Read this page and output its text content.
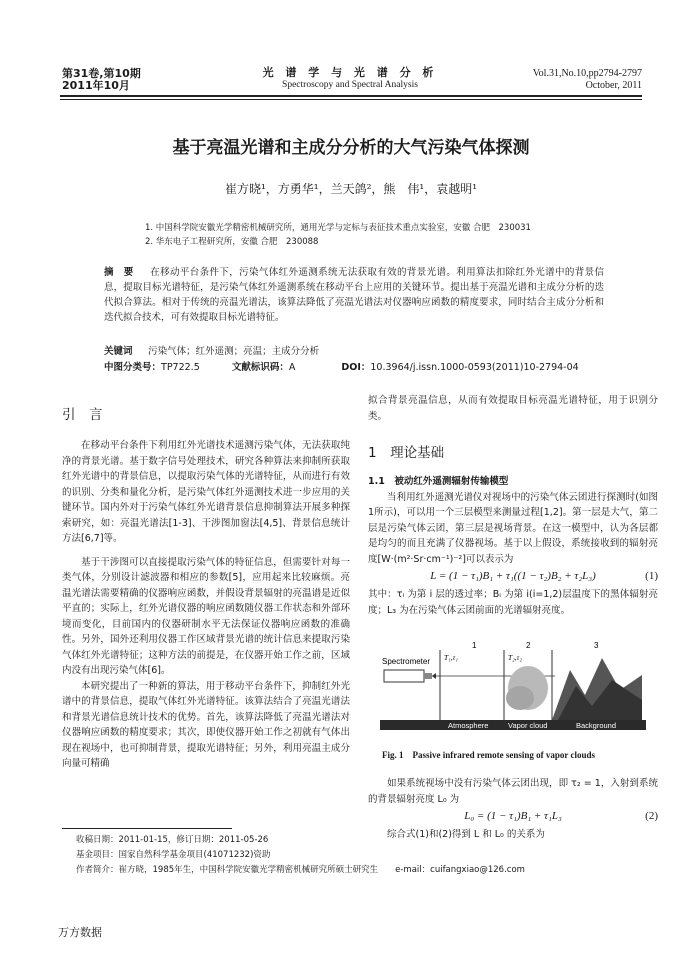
第31卷,第10期
2011年10月
光 谱 学 与 光 谱 分 析
Spectroscopy and Spectral Analysis
Vol.31,No.10,pp2794-2797
October, 2011
基于亮温光谱和主成分分析的大气污染气体探测
崔方晓¹，方勇华¹，兰天鸽²，熊　伟¹，袁越明¹
1. 中国科学院安徽光学精密机械研究所，通用光学与定标与表征技术重点实验室，安徽 合肥　230031
2. 华东电子工程研究所，安徽 合肥　230088
摘　要 　 在移动平台条件下，污染气体红外遥测系统无法获取有效的背景光谱。利用算法扣除红外光谱中的背景信息，提取目标光谱特征，是污染气体红外遥测系统在移动平台上应用的关键环节。提出基于亮温光谱和主成分分析的迭代拟合算法。相对于传统的亮温光谱法，该算法降低了亮温光谱法对仪器响应函数的精度要求，同时结合主成分分析和迭代拟合技术，可有效提取目标光谱特征。
关键词 　 污染气体；红外遥测；亮温；主成分分析
中图分类号：TP722.5	文献标识码：A	DOI：10.3964/j.issn.1000-0593(2011)10-2794-04
引　言

在移动平台条件下利用红外光谱技术遥测污染气体，无法获取纯净的背景光谱。基于数字信号处理技术，研究各种算法来抑制所获取红外光谱中的背景信息，以提取污染气体的光谱特征，从而进行有效的识别、分类和量化分析，是污染气体红外遥测技术进一步应用的关键环节。国内外对于污染气体红外光谱背景信息抑制算法开展多种探索研究，如：亮温光谱法[1-3]、干涉图加窗法[4,5]、背景信息统计方法[6,7]等。

基于干涉图可以直接提取污染气体的特征信息，但需要针对每一类气体，分别设计滤波器和相应的参数[5]，应用起来比较麻烦。亮温光谱法需要精确的仪器响应函数，并假设背景辐射的亮温谱是近似平直的；实际上，红外光谱仪器的响应函数随仪器工作状态和外部环境而变化，目前国内的仪器研制水平无法保证仪器响应函数的准确性。另外，国外还利用仪器工作区域背景光谱的统计信息来提取污染气体红外光谱特征；这种方法的前提是，在仪器开始工作之前，区域内没有出现污染气体[6]。

本研究提出了一种新的算法，用于移动平台条件下，抑制红外光谱中的背景信息，提取气体红外光谱特征。该算法结合了亮温光谱法和背景光谱信息统计技术的优势。首先，该算法降低了亮温光谱法对仪器响应函数的精度要求；其次，即使仪器开始工作之初就有气体出现在视场中，也可抑制背景，提取光谱特征；另外，利用亮温主成分向量可精确

拟合背景亮温信息，从而有效提取目标亮温光谱特征，用于识别分类。

1　理论基础

1.1　被动红外遥测辐射传输模型

当利用红外遥测光谱仪对视场中的污染气体云团进行探测时(如图1所示)，可以用一个三层模型来测量过程[1,2]。第一层是大气，第二层是污染气体云团，第三层是视场背景。在这一模型中，认为各层都是均匀的而且充满了仪器视场。基于以上假设，系统接收到的辐射亮度[W·(m²·Sr·cm⁻¹)⁻²]可以表示为

L = (1 − τ₁)B₁ + τ₁((1 − τ₂)B₂ + τ₂L₃)	(1)

其中：τᵢ 为第 i 层的透过率；Bᵢ 为第 i(i=1,2)层温度下的黑体辐射亮度；L₃ 为在污染气体云团前面的光谱辐射亮度。

Spectrometer
1	2	3
T₁,τ₁	T₂,τ₂
Atmosphere	Vapor cloud	Background
Fig. 1　Passive infrared remote sensing of vapor clouds

如果系统视场中没有污染气体云团出现，即 τ₂ = 1，入射到系统的背景辐射亮度 L₀ 为

L₀ = (1 − τ₁)B₁ + τ₁L₃	(2)

综合式(1)和(2)得到 L 和 L₀ 的关系为

收稿日期：2011-01-15，修订日期：2011-05-26
基金项目：国家自然科学基金项目(41071232)资助
作者简介：崔方晓，1985年生，中国科学院安徽光学精密机械研究所硕士研究生　　e-mail：cuifangxiao@126.com
万方数据
